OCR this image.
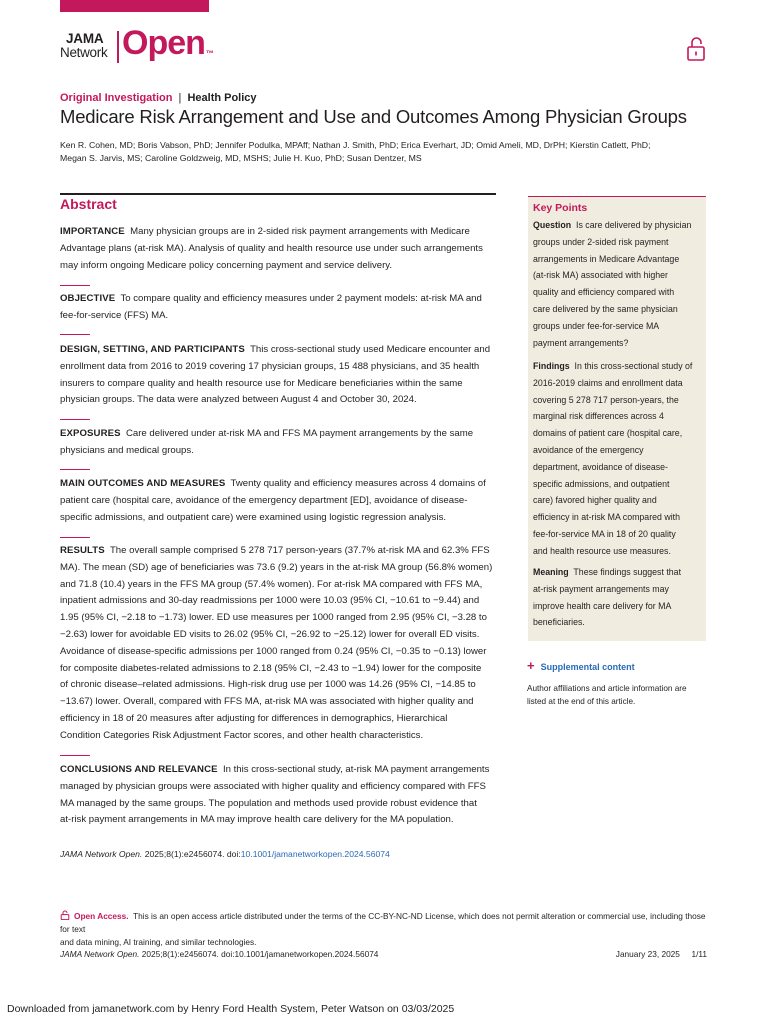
JAMA
Network Open™
Original Investigation | Health Policy
Medicare Risk Arrangement and Use and Outcomes Among Physician Groups
Ken R. Cohen, MD; Boris Vabson, PhD; Jennifer Podulka, MPAff; Nathan J. Smith, PhD; Erica Everhart, JD; Omid Ameli, MD, DrPH; Kierstin Catlett, PhD;
Megan S. Jarvis, MS; Caroline Goldzweig, MD, MSHS; Julie H. Kuo, PhD; Susan Dentzer, MS
Abstract
IMPORTANCE Many physician groups are in 2-sided risk payment arrangements with Medicare
Advantage plans (at-risk MA). Analysis of quality and health resource use under such arrangements
may inform ongoing Medicare policy concerning payment and service delivery.
OBJECTIVE To compare quality and efficiency measures under 2 payment models: at-risk MA and
fee-for-service (FFS) MA.
DESIGN, SETTING, AND PARTICIPANTS This cross-sectional study used Medicare encounter and
enrollment data from 2016 to 2019 covering 17 physician groups, 15 488 physicians, and 35 health
insurers to compare quality and health resource use for Medicare beneficiaries within the same
physician groups. The data were analyzed between August 4 and October 30, 2024.
EXPOSURES Care delivered under at-risk MA and FFS MA payment arrangements by the same
physicians and medical groups.
MAIN OUTCOMES AND MEASURES Twenty quality and efficiency measures across 4 domains of
patient care (hospital care, avoidance of the emergency department [ED], avoidance of disease-
specific admissions, and outpatient care) were examined using logistic regression analysis.
RESULTS The overall sample comprised 5 278 717 person-years (37.7% at-risk MA and 62.3% FFS
MA). The mean (SD) age of beneficiaries was 73.6 (9.2) years in the at-risk MA group (56.8% women)
and 71.8 (10.4) years in the FFS MA group (57.4% women). For at-risk MA compared with FFS MA,
inpatient admissions and 30-day readmissions per 1000 were 10.03 (95% CI, −10.61 to −9.44) and
1.95 (95% CI, −2.18 to −1.73) lower. ED use measures per 1000 ranged from 2.95 (95% CI, −3.28 to
−2.63) lower for avoidable ED visits to 26.02 (95% CI, −26.92 to −25.12) lower for overall ED visits.
Avoidance of disease-specific admissions per 1000 ranged from 0.24 (95% CI, −0.35 to −0.13) lower
for composite diabetes-related admissions to 2.18 (95% CI, −2.43 to −1.94) lower for the composite
of chronic disease–related admissions. High-risk drug use per 1000 was 14.26 (95% CI, −14.85 to
−13.67) lower. Overall, compared with FFS MA, at-risk MA was associated with higher quality and
efficiency in 18 of 20 measures after adjusting for differences in demographics, Hierarchical
Condition Categories Risk Adjustment Factor scores, and other health characteristics.
CONCLUSIONS AND RELEVANCE In this cross-sectional study, at-risk MA payment arrangements
managed by physician groups were associated with higher quality and efficiency compared with FFS
MA managed by the same groups. The population and methods used provide robust evidence that
at-risk payment arrangements in MA may improve health care delivery for the MA population.
JAMA Network Open. 2025;8(1):e2456074. doi:10.1001/jamanetworkopen.2024.56074
Key Points
Question Is care delivered by physician
groups under 2-sided risk payment
arrangements in Medicare Advantage
(at-risk MA) associated with higher
quality and efficiency compared with
care delivered by the same physician
groups under fee-for-service MA
payment arrangements?
Findings In this cross-sectional study of
2016-2019 claims and enrollment data
covering 5 278 717 person-years, the
marginal risk differences across 4
domains of patient care (hospital care,
avoidance of the emergency
department, avoidance of disease-
specific admissions, and outpatient
care) favored higher quality and
efficiency in at-risk MA compared with
fee-for-service MA in 18 of 20 quality
and health resource use measures.
Meaning These findings suggest that
at-risk payment arrangements may
improve health care delivery for MA
beneficiaries.
+ Supplemental content
Author affiliations and article information are
listed at the end of this article.
Open Access. This is an open access article distributed under the terms of the CC-BY-NC-ND License, which does not permit alteration or commercial use, including those for text
and data mining, AI training, and similar technologies.
JAMA Network Open. 2025;8(1):e2456074. doi:10.1001/jamanetworkopen.2024.56074	January 23, 2025 1/11
Downloaded from jamanetwork.com by Henry Ford Health System, Peter Watson on 03/03/2025
